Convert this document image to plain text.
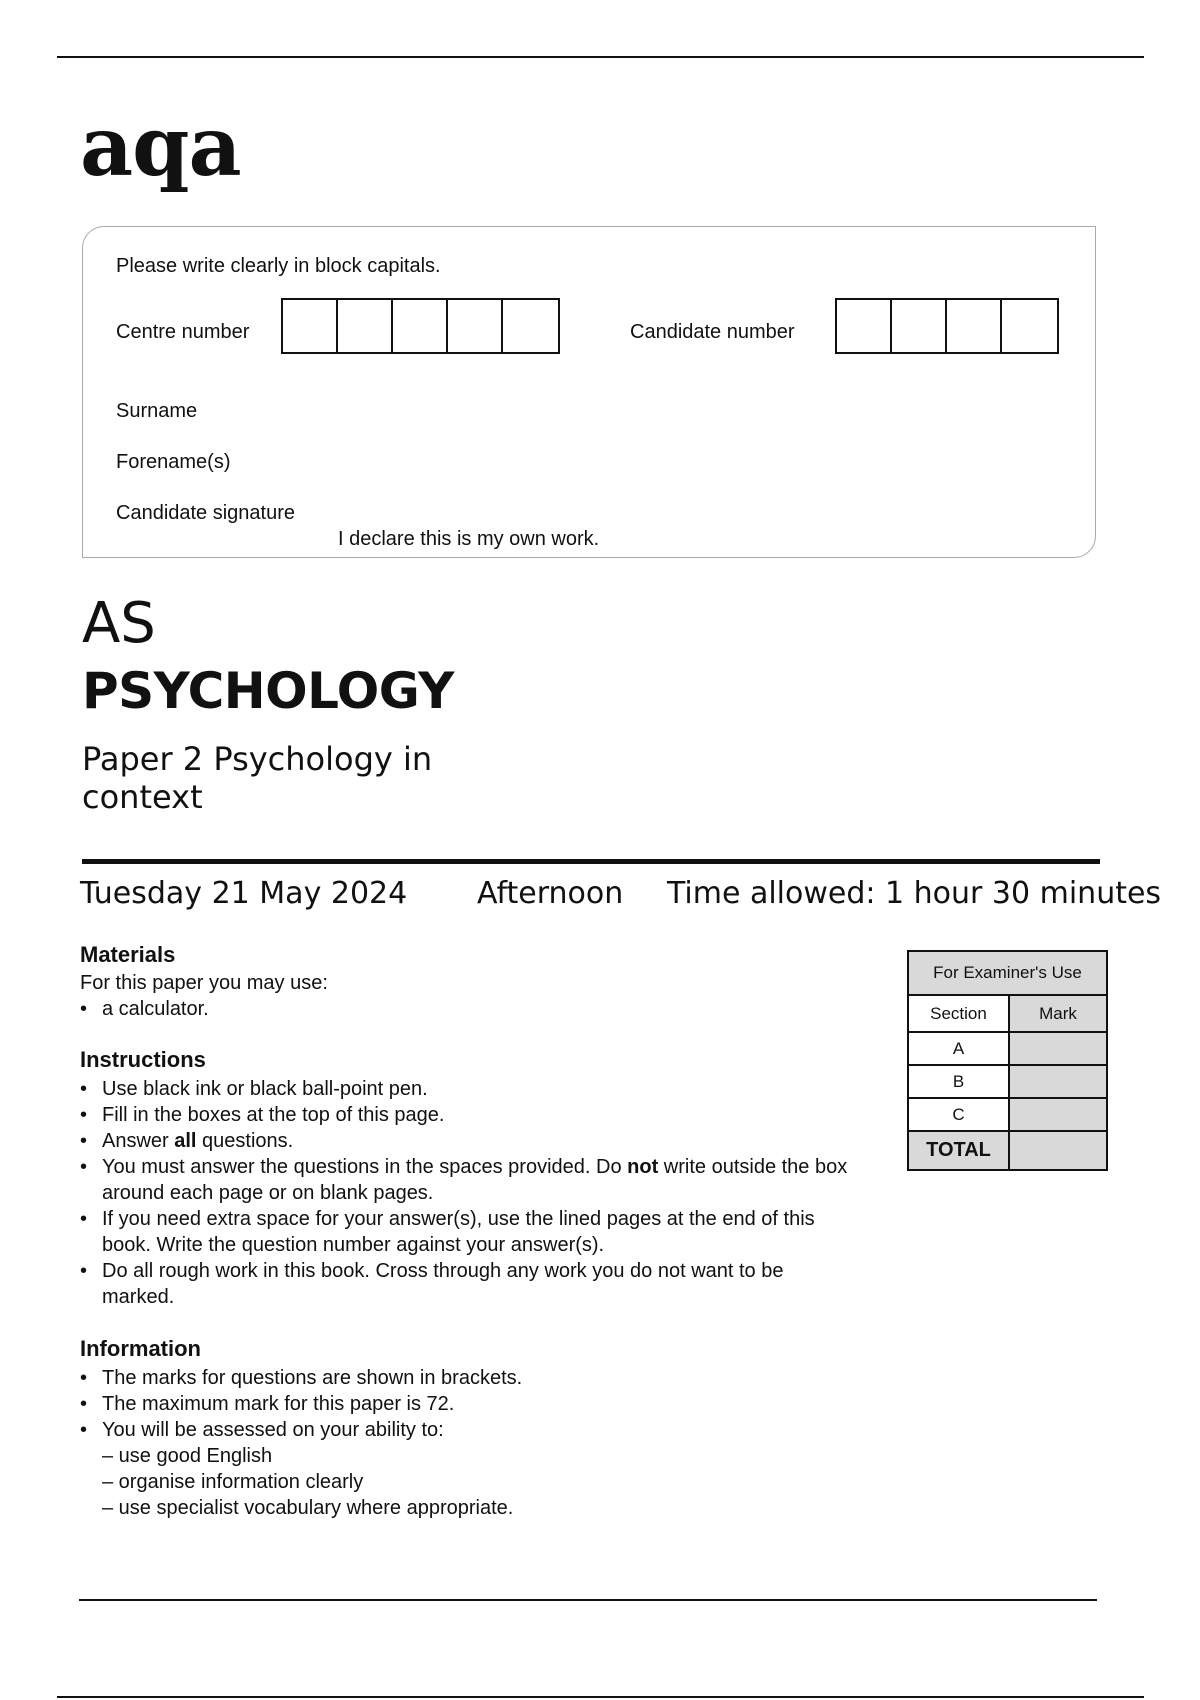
aqa
Please write clearly in block capitals.
Centre number	Candidate number
Surname
Forename(s)
Candidate signature
I declare this is my own work.
AS
PSYCHOLOGY
Paper 2 Psychology in
context
Tuesday 21 May 2024 Afternoon Time allowed: 1 hour 30 minutes
Materials
For this paper you may use:
• a calculator.
Instructions
• Use black ink or black ball-point pen.
• Fill in the boxes at the top of this page.
• Answer all questions.
• You must answer the questions in the spaces provided. Do not write outside the box around each page or on blank pages.
• If you need extra space for your answer(s), use the lined pages at the end of this book. Write the question number against your answer(s).
• Do all rough work in this book. Cross through any work you do not want to be marked.
Information
• The marks for questions are shown in brackets.
• The maximum mark for this paper is 72.
• You will be assessed on your ability to:
– use good English
– organise information clearly
– use specialist vocabulary where appropriate.
For Examiner's Use	
Section	Mark
A	
B	
C	
TOTAL	
